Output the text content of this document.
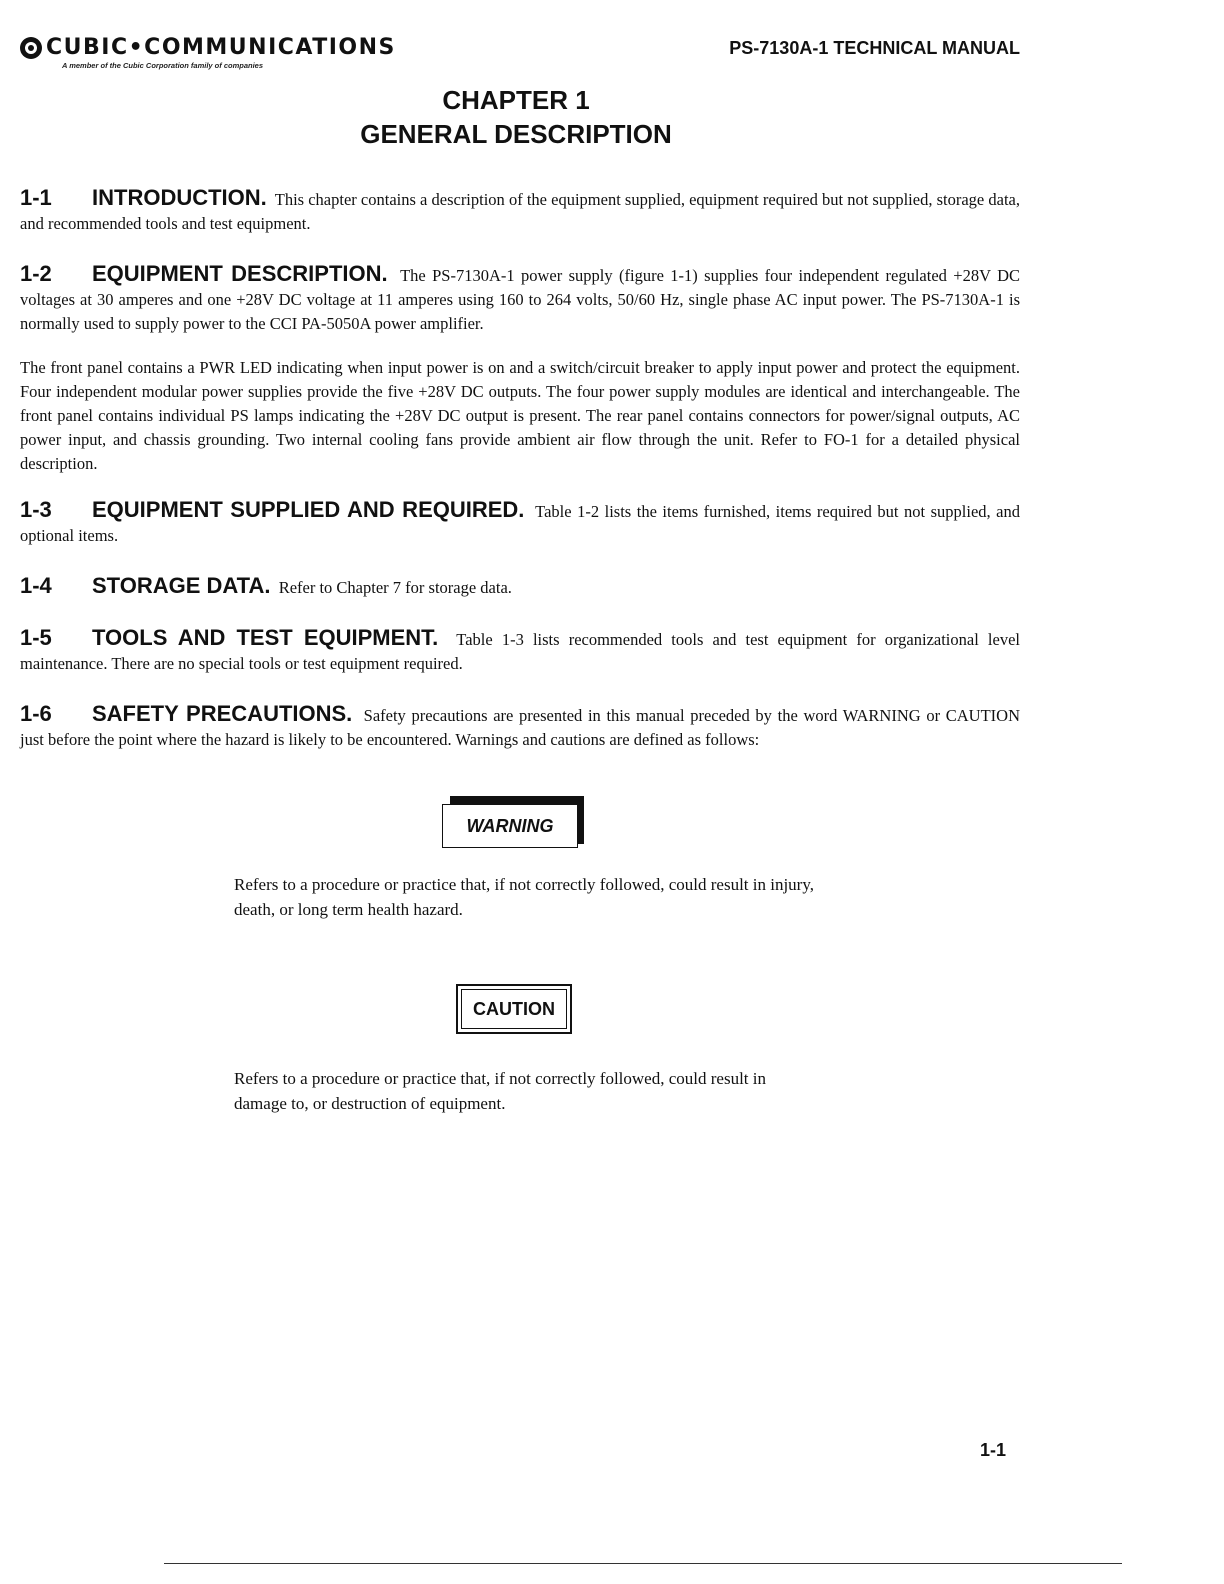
CUBIC•COMMUNICATIONS
A member of the Cubic Corporation family of companies
PS-7130A-1 TECHNICAL MANUAL
CHAPTER 1
GENERAL DESCRIPTION
1-1 INTRODUCTION. This chapter contains a description of the equipment supplied, equipment required but not supplied, storage data, and recommended tools and test equipment.
1-2 EQUIPMENT DESCRIPTION. The PS-7130A-1 power supply (figure 1-1) supplies four independent regulated +28V DC voltages at 30 amperes and one +28V DC voltage at 11 amperes using 160 to 264 volts, 50/60 Hz, single phase AC input power. The PS-7130A-1 is normally used to supply power to the CCI PA-5050A power amplifier.
The front panel contains a PWR LED indicating when input power is on and a switch/circuit breaker to apply input power and protect the equipment. Four independent modular power supplies provide the five +28V DC outputs. The four power supply modules are identical and interchangeable. The front panel contains individual PS lamps indicating the +28V DC output is present. The rear panel contains connectors for power/signal outputs, AC power input, and chassis grounding. Two internal cooling fans provide ambient air flow through the unit. Refer to FO-1 for a detailed physical description.
1-3 EQUIPMENT SUPPLIED AND REQUIRED. Table 1-2 lists the items furnished, items required but not supplied, and optional items.
1-4 STORAGE DATA. Refer to Chapter 7 for storage data.
1-5 TOOLS AND TEST EQUIPMENT. Table 1-3 lists recommended tools and test equipment for organizational level maintenance. There are no special tools or test equipment required.
1-6 SAFETY PRECAUTIONS. Safety precautions are presented in this manual preceded by the word WARNING or CAUTION just before the point where the hazard is likely to be encountered. Warnings and cautions are defined as follows:
WARNING
Refers to a procedure or practice that, if not correctly followed, could result in injury, death, or long term health hazard.
CAUTION
Refers to a procedure or practice that, if not correctly followed, could result in damage to, or destruction of equipment.
1-1
